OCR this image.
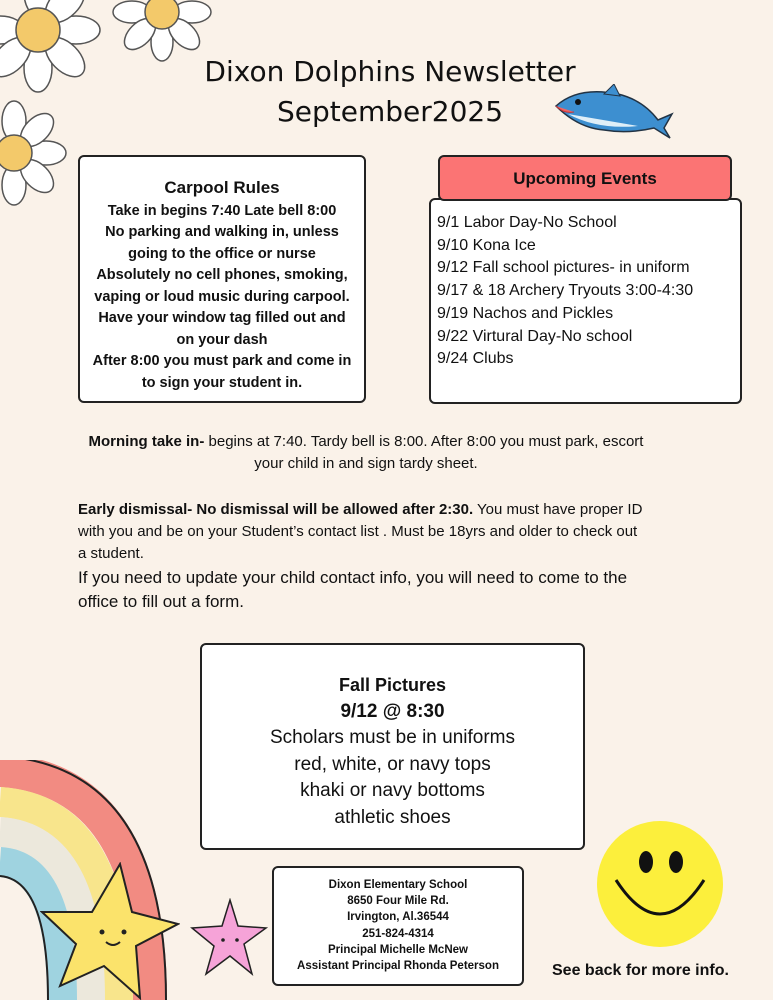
Dixon Dolphins Newsletter
September2025
Carpool Rules
Take in begins 7:40 Late bell 8:00
No parking and walking in, unless going to the office or nurse
Absolutely no cell phones, smoking, vaping or loud music during carpool.
Have your window tag filled out and on your dash
After 8:00 you must park and come in to sign your student in.
Upcoming Events
9/1 Labor Day-No School
9/10 Kona Ice
9/12 Fall school pictures- in uniform
9/17 & 18 Archery Tryouts 3:00-4:30
9/19 Nachos and Pickles
9/22 Virtural Day-No school
9/24 Clubs
Morning take in- begins at 7:40. Tardy bell is 8:00. After 8:00 you must park, escort your child in and sign tardy sheet.
Early dismissal- No dismissal will be allowed after 2:30. You must have proper ID with you and be on your Student’s contact list . Must be 18yrs and older to check out a student.
If you need to update your child contact info, you will need to come to the office to fill out a form.
Fall Pictures
9/12 @ 8:30
Scholars must be in uniforms
red, white, or navy tops
khaki or navy bottoms
athletic shoes
Dixon Elementary School
8650 Four Mile Rd.
Irvington, Al.36544
251-824-4314
Principal Michelle McNew
Assistant Principal Rhonda Peterson	See back for more info.
